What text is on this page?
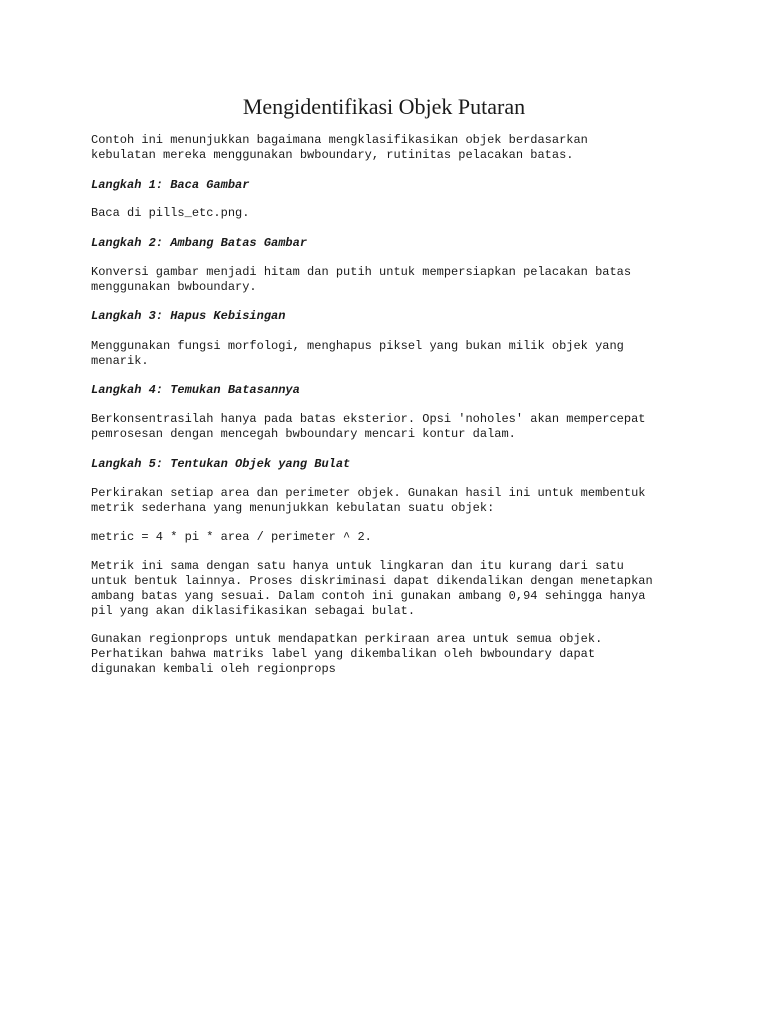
Mengidentifikasi Objek Putaran

Contoh ini menunjukkan bagaimana mengklasifikasikan objek berdasarkan
kebulatan mereka menggunakan bwboundary, rutinitas pelacakan batas.

Langkah 1: Baca Gambar

Baca di pills_etc.png.

Langkah 2: Ambang Batas Gambar

Konversi gambar menjadi hitam dan putih untuk mempersiapkan pelacakan batas
menggunakan bwboundary.

Langkah 3: Hapus Kebisingan

Menggunakan fungsi morfologi, menghapus piksel yang bukan milik objek yang
menarik.

Langkah 4: Temukan Batasannya

Berkonsentrasilah hanya pada batas eksterior. Opsi 'noholes' akan mempercepat
pemrosesan dengan mencegah bwboundary mencari kontur dalam.

Langkah 5: Tentukan Objek yang Bulat

Perkirakan setiap area dan perimeter objek. Gunakan hasil ini untuk membentuk
metrik sederhana yang menunjukkan kebulatan suatu objek:

metric = 4 * pi * area / perimeter ^ 2.

Metrik ini sama dengan satu hanya untuk lingkaran dan itu kurang dari satu
untuk bentuk lainnya. Proses diskriminasi dapat dikendalikan dengan menetapkan
ambang batas yang sesuai. Dalam contoh ini gunakan ambang 0,94 sehingga hanya
pil yang akan diklasifikasikan sebagai bulat.

Gunakan regionprops untuk mendapatkan perkiraan area untuk semua objek.
Perhatikan bahwa matriks label yang dikembalikan oleh bwboundary dapat
digunakan kembali oleh regionprops
